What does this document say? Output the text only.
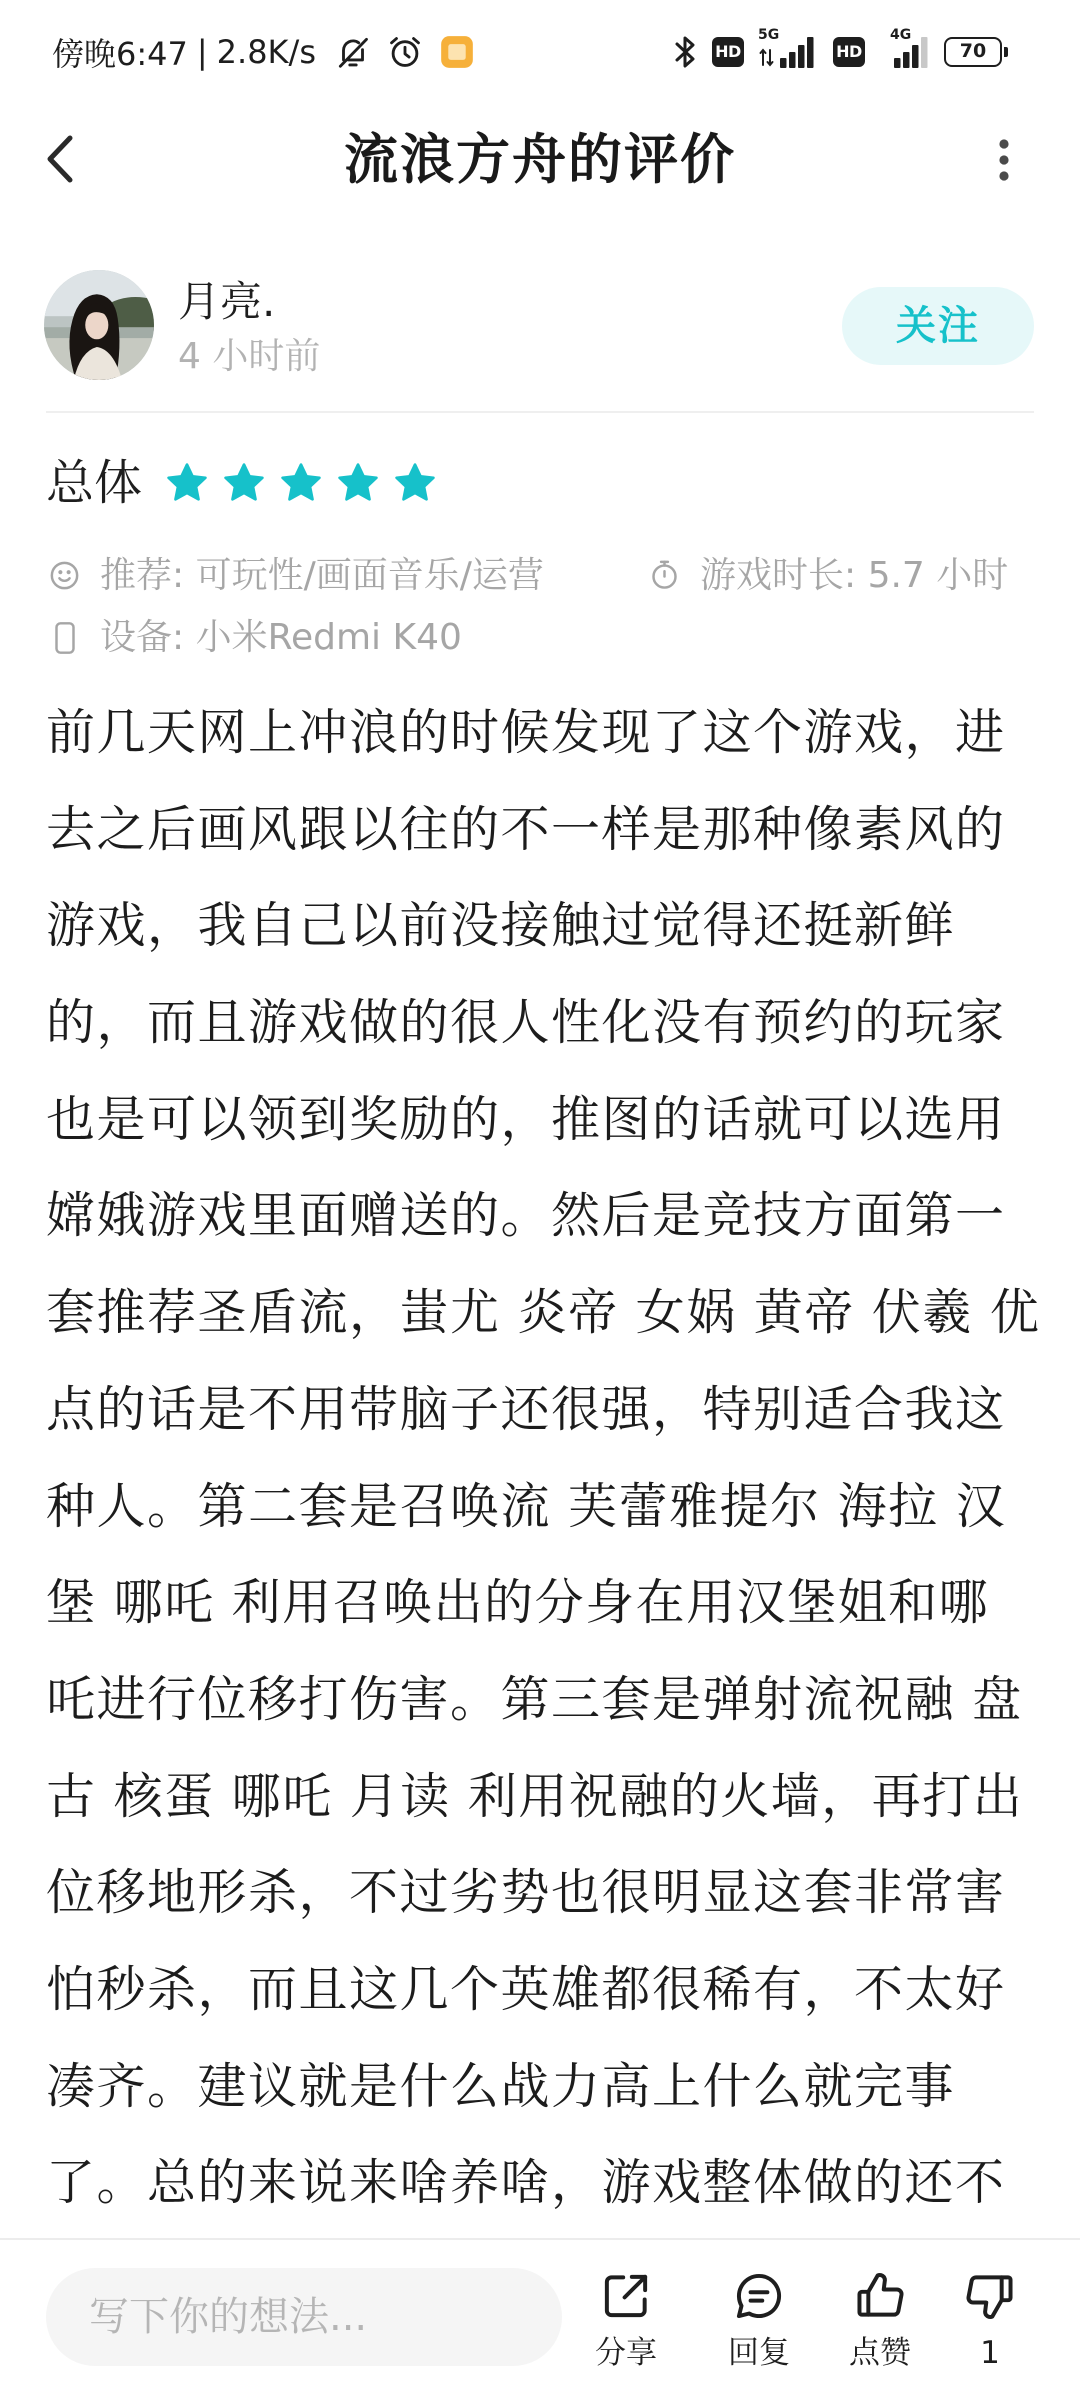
傍晚6:47 | 2.8K/s	HD
5G
HD
4G
70
流浪方舟的评价
月亮.
4 小时前
关注
总体
推荐: 可玩性/画面音乐/运营	游戏时长: 5.7 小时
设备: 小米Redmi K40
前几天网上冲浪的时候发现了这个游戏，进
去之后画风跟以往的不一样是那种像素风的
游戏，我自己以前没接触过觉得还挺新鲜
的，而且游戏做的很人性化没有预约的玩家
也是可以领到奖励的，推图的话就可以选用
嫦娥游戏里面赠送的。然后是竞技方面第一
套推荐圣盾流，蚩尤 炎帝 女娲 黄帝 伏羲 优
点的话是不用带脑子还很强，特别适合我这
种人。第二套是召唤流 芙蕾雅提尔 海拉 汉
堡 哪吒 利用召唤出的分身在用汉堡姐和哪
吒进行位移打伤害。第三套是弹射流祝融 盘
古 核蛋 哪吒 月读 利用祝融的火墙，再打出
位移地形杀，不过劣势也很明显这套非常害
怕秒杀，而且这几个英雄都很稀有，不太好
凑齐。建议就是什么战力高上什么就完事
了。总的来说来啥养啥，游戏整体做的还不
写下你的想法...
分享 回复 点赞 1
